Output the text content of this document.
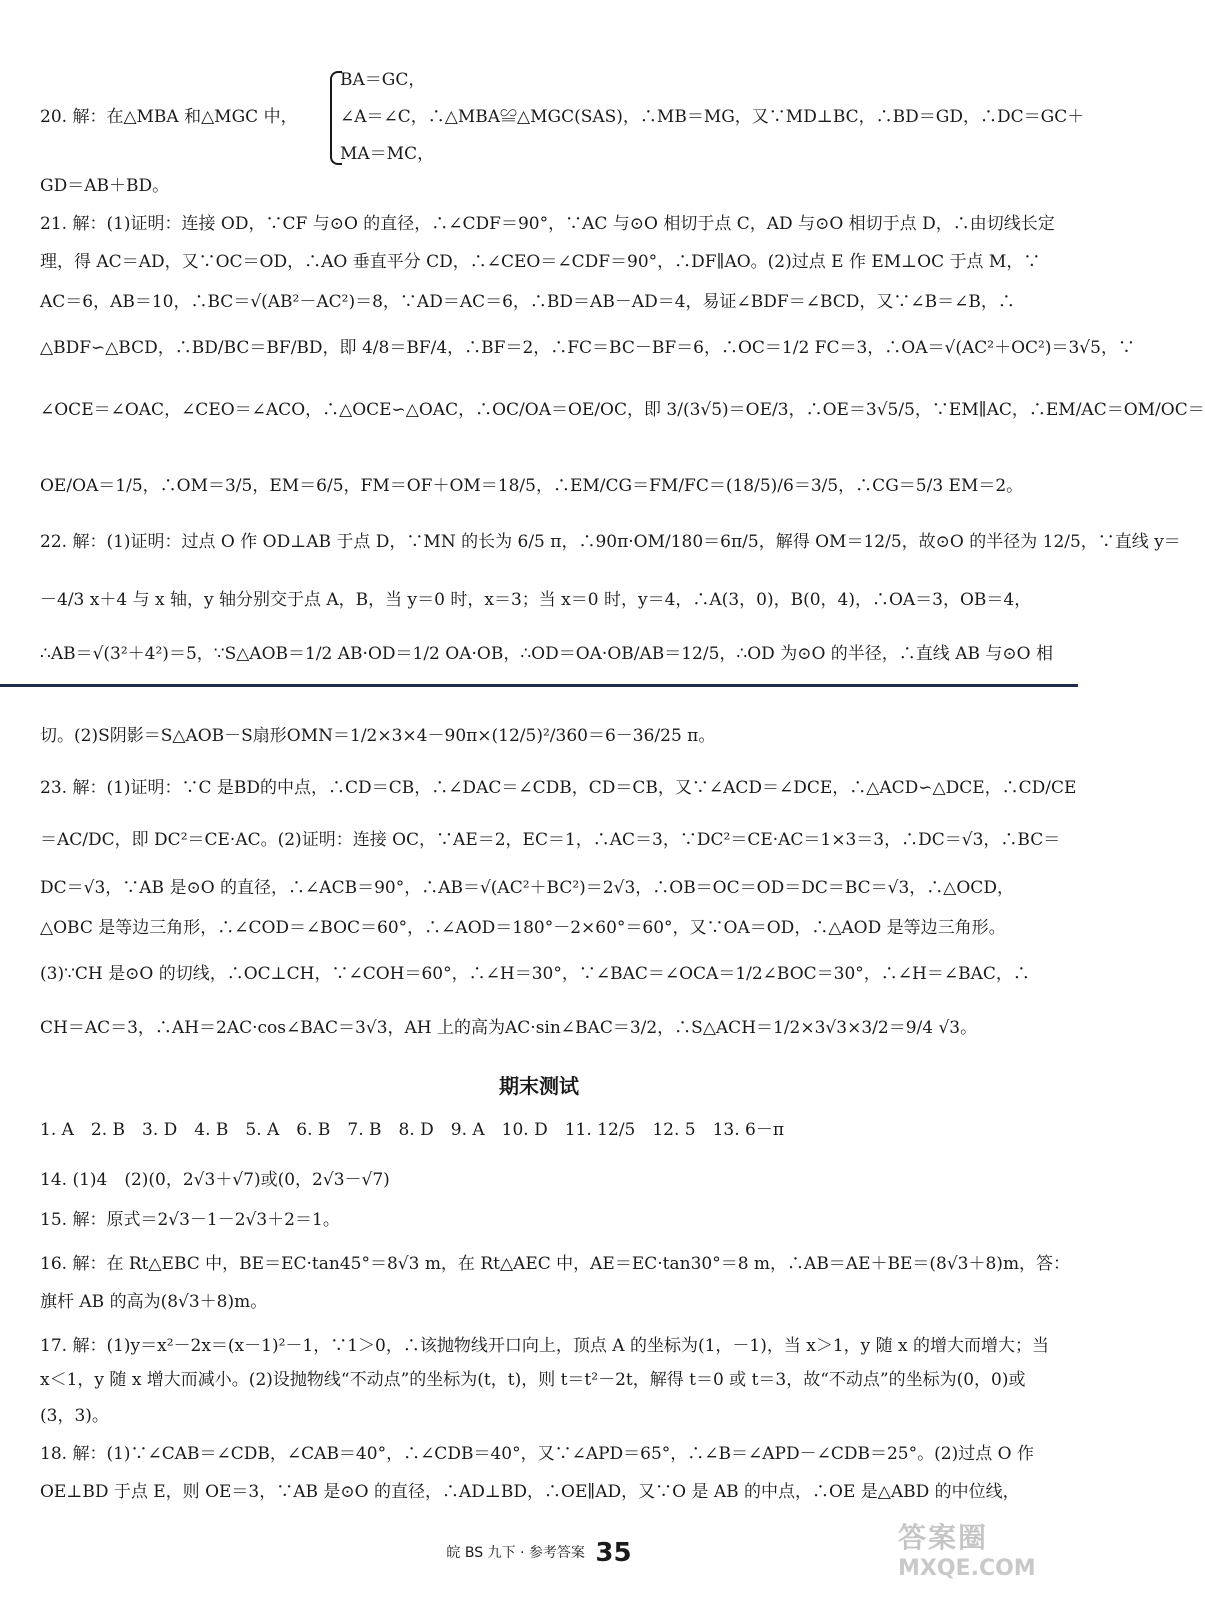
20. 解：在△MBA 和△MGC 中，
BA＝GC，
∠A＝∠C，∴△MBA≌△MGC(SAS)，∴MB＝MG，又∵MD⊥BC，∴BD＝GD，∴DC＝GC＋
MA＝MC，
GD＝AB＋BD。
21. 解：(1)证明：连接 OD，∵CF 与⊙O 的直径，∴∠CDF＝90°，∵AC 与⊙O 相切于点 C，AD 与⊙O 相切于点 D，∴由切线长定
理，得 AC＝AD，又∵OC＝OD，∴AO 垂直平分 CD，∴∠CEO＝∠CDF＝90°，∴DF∥AO。(2)过点 E 作 EM⊥OC 于点 M，∵
AC＝6，AB＝10，∴BC＝√(AB²－AC²)＝8，∵AD＝AC＝6，∴BD＝AB－AD＝4，易证∠BDF＝∠BCD，又∵∠B＝∠B，∴
△BDF∽△BCD，∴BD/BC＝BF/BD，即 4/8＝BF/4，∴BF＝2，∴FC＝BC－BF＝6，∴OC＝1/2 FC＝3，∴OA＝√(AC²＋OC²)＝3√5，∵
∠OCE＝∠OAC，∠CEO＝∠ACO，∴△OCE∽△OAC，∴OC/OA＝OE/OC，即 3/(3√5)＝OE/3，∴OE＝3√5/5，∵EM∥AC，∴EM/AC＝OM/OC＝
OE/OA＝1/5，∴OM＝3/5，EM＝6/5，FM＝OF＋OM＝18/5，∴EM/CG＝FM/FC＝(18/5)/6＝3/5，∴CG＝5/3 EM＝2。
22. 解：(1)证明：过点 O 作 OD⊥AB 于点 D，∵MN 的长为 6/5 π，∴90π·OM/180＝6π/5，解得 OM＝12/5，故⊙O 的半径为 12/5，∵直线 y＝
－4/3 x＋4 与 x 轴，y 轴分别交于点 A，B，当 y＝0 时，x＝3；当 x＝0 时，y＝4，∴A(3，0)，B(0，4)，∴OA＝3，OB＝4，
∴AB＝√(3²＋4²)＝5，∵S△AOB＝1/2 AB·OD＝1/2 OA·OB，∴OD＝OA·OB/AB＝12/5，∴OD 为⊙O 的半径，∴直线 AB 与⊙O 相
切。(2)S阴影＝S△AOB－S扇形OMN＝1/2×3×4－90π×(12/5)²/360＝6－36/25 π。
23. 解：(1)证明：∵C 是BD的中点，∴CD＝CB，∴∠DAC＝∠CDB，CD＝CB，又∵∠ACD＝∠DCE，∴△ACD∽△DCE，∴CD/CE
＝AC/DC，即 DC²＝CE·AC。(2)证明：连接 OC，∵AE＝2，EC＝1，∴AC＝3，∵DC²＝CE·AC＝1×3＝3，∴DC＝√3，∴BC＝
DC＝√3，∵AB 是⊙O 的直径，∴∠ACB＝90°，∴AB＝√(AC²＋BC²)＝2√3，∴OB＝OC＝OD＝DC＝BC＝√3，∴△OCD，
△OBC 是等边三角形，∴∠COD＝∠BOC＝60°，∴∠AOD＝180°－2×60°＝60°，又∵OA＝OD，∴△AOD 是等边三角形。
(3)∵CH 是⊙O 的切线，∴OC⊥CH，∵∠COH＝60°，∴∠H＝30°，∵∠BAC＝∠OCA＝1/2∠BOC＝30°，∴∠H＝∠BAC，∴
CH＝AC＝3，∴AH＝2AC·cos∠BAC＝3√3，AH 上的高为AC·sin∠BAC＝3/2，∴S△ACH＝1/2×3√3×3/2＝9/4 √3。
期末测试
1. A　2. B　3. D　4. B　5. A　6. B　7. B　8. D　9. A　10. D　11. 12/5　12. 5　13. 6－π
14. (1)4　(2)(0，2√3＋√7)或(0，2√3－√7)
15. 解：原式＝2√3－1－2√3＋2＝1。
16. 解：在 Rt△EBC 中，BE＝EC·tan45°＝8√3 m，在 Rt△AEC 中，AE＝EC·tan30°＝8 m，∴AB＝AE＋BE＝(8√3＋8)m，答：
旗杆 AB 的高为(8√3＋8)m。
17. 解：(1)y＝x²－2x＝(x－1)²－1，∵1＞0，∴该抛物线开口向上，顶点 A 的坐标为(1，－1)，当 x＞1，y 随 x 的增大而增大；当
x＜1，y 随 x 增大而减小。(2)设抛物线“不动点”的坐标为(t，t)，则 t＝t²－2t，解得 t＝0 或 t＝3，故“不动点”的坐标为(0，0)或
(3，3)。
18. 解：(1)∵∠CAB＝∠CDB，∠CAB＝40°，∴∠CDB＝40°，又∵∠APD＝65°，∴∠B＝∠APD－∠CDB＝25°。(2)过点 O 作
OE⊥BD 于点 E，则 OE＝3，∵AB 是⊙O 的直径，∴AD⊥BD，∴OE∥AD，又∵O 是 AB 的中点，∴OE 是△ABD 的中位线，
皖 BS 九下 · 参考答案 35	答案圈
MXQE.COM
